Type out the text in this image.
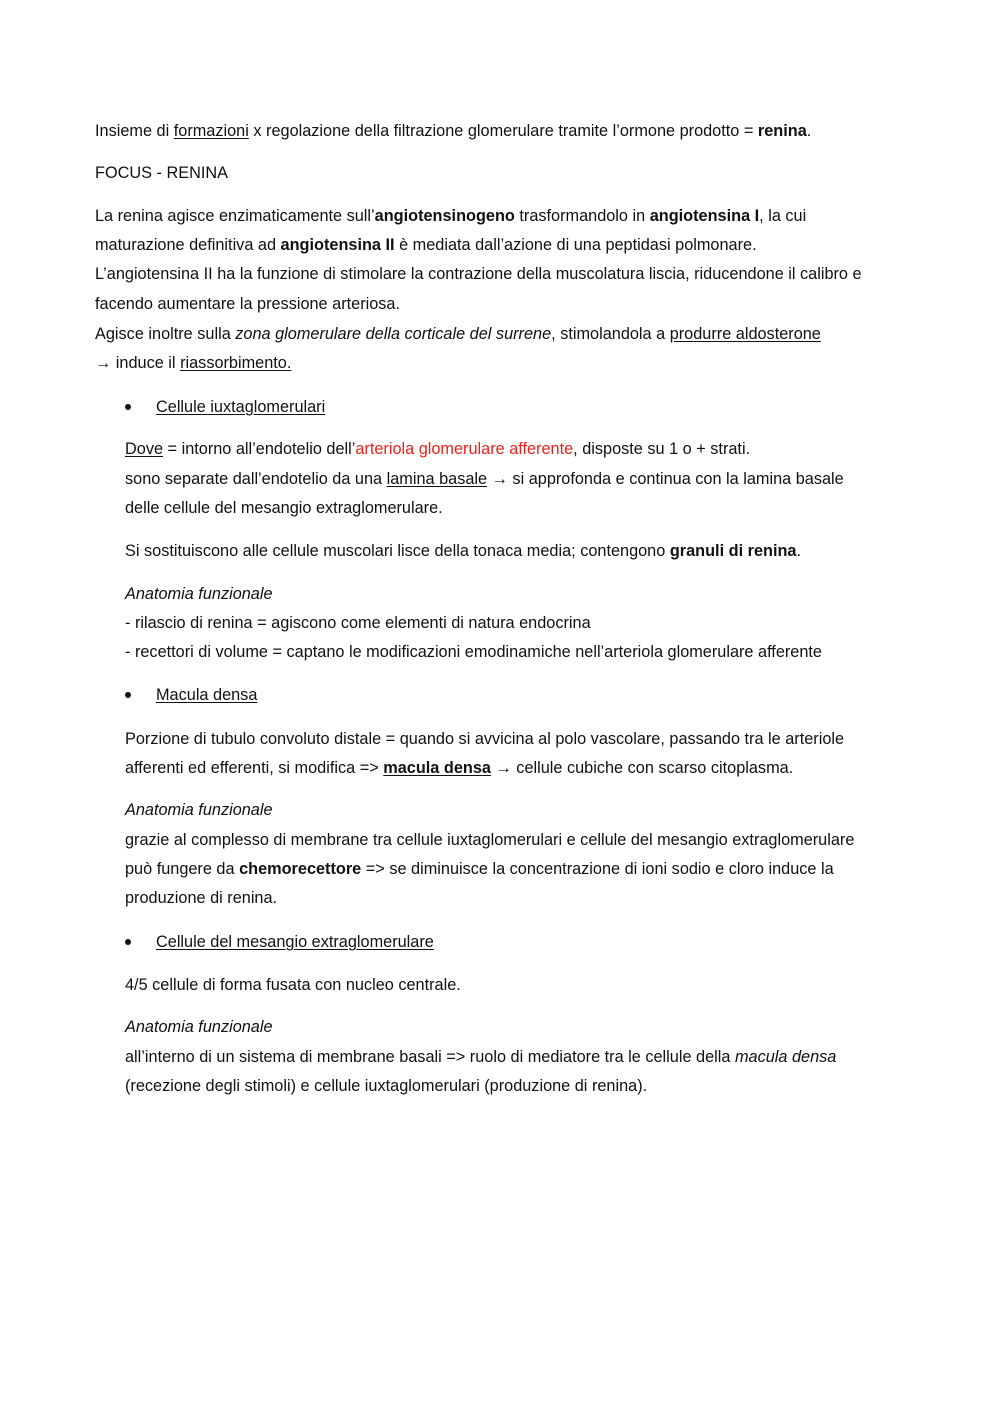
Insieme di formazioni x regolazione della filtrazione glomerulare tramite l’ormone prodotto = renina.
FOCUS - RENINA
La renina agisce enzimaticamente sull’angiotensinogeno trasformandolo in angiotensina I, la cui
maturazione definitiva ad angiotensina II è mediata dall’azione di una peptidasi polmonare.
L’angiotensina II ha la funzione di stimolare la contrazione della muscolatura liscia, riducendone il calibro e
facendo aumentare la pressione arteriosa.
Agisce inoltre sulla zona glomerulare della corticale del surrene, stimolandola a produrre aldosterone
→ induce il riassorbimento.
Cellule iuxtaglomerulari
Dove = intorno all’endotelio dell’arteriola glomerulare afferente, disposte su 1 o + strati.
sono separate dall’endotelio da una lamina basale → si approfonda e continua con la lamina basale
delle cellule del mesangio extraglomerulare.
Si sostituiscono alle cellule muscolari lisce della tonaca media; contengono granuli di renina.
Anatomia funzionale
- rilascio di renina = agiscono come elementi di natura endocrina
- recettori di volume = captano le modificazioni emodinamiche nell’arteriola glomerulare afferente
Macula densa
Porzione di tubulo convoluto distale = quando si avvicina al polo vascolare, passando tra le arteriole
afferenti ed efferenti, si modifica => macula densa → cellule cubiche con scarso citoplasma.
Anatomia funzionale
grazie al complesso di membrane tra cellule iuxtaglomerulari e cellule del mesangio extraglomerulare
può fungere da chemorecettore => se diminuisce la concentrazione di ioni sodio e cloro induce la
produzione di renina.
Cellule del mesangio extraglomerulare
4/5 cellule di forma fusata con nucleo centrale.
Anatomia funzionale
all’interno di un sistema di membrane basali => ruolo di mediatore tra le cellule della macula densa
(recezione degli stimoli) e cellule iuxtaglomerulari (produzione di renina).
